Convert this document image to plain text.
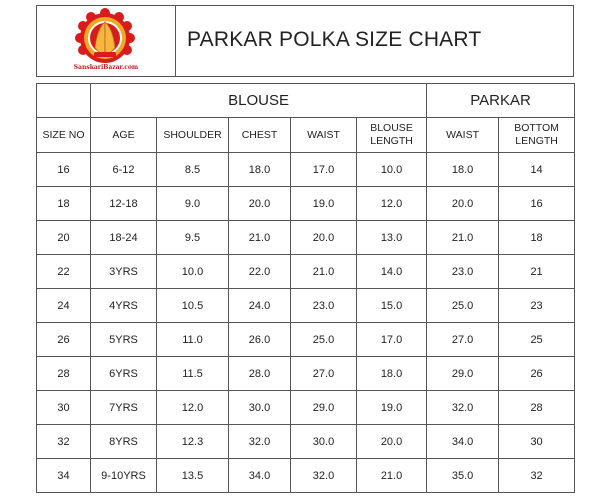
SanskariBazar.com
PARKAR POLKA SIZE CHART
	BLOUSE					PARKAR	
SIZE NO	AGE	SHOULDER	CHEST	WAIST	BLOUSE LENGTH	WAIST	BOTTOM LENGTH
16	6-12	8.5	18.0	17.0	10.0	18.0	14
18	12-18	9.0	20.0	19.0	12.0	20.0	16
20	18-24	9.5	21.0	20.0	13.0	21.0	18
22	3YRS	10.0	22.0	21.0	14.0	23.0	21
24	4YRS	10.5	24.0	23.0	15.0	25.0	23
26	5YRS	11.0	26.0	25.0	17.0	27.0	25
28	6YRS	11.5	28.0	27.0	18.0	29.0	26
30	7YRS	12.0	30.0	29.0	19.0	32.0	28
32	8YRS	12.3	32.0	30.0	20.0	34.0	30
34	9-10YRS	13.5	34.0	32.0	21.0	35.0	32
